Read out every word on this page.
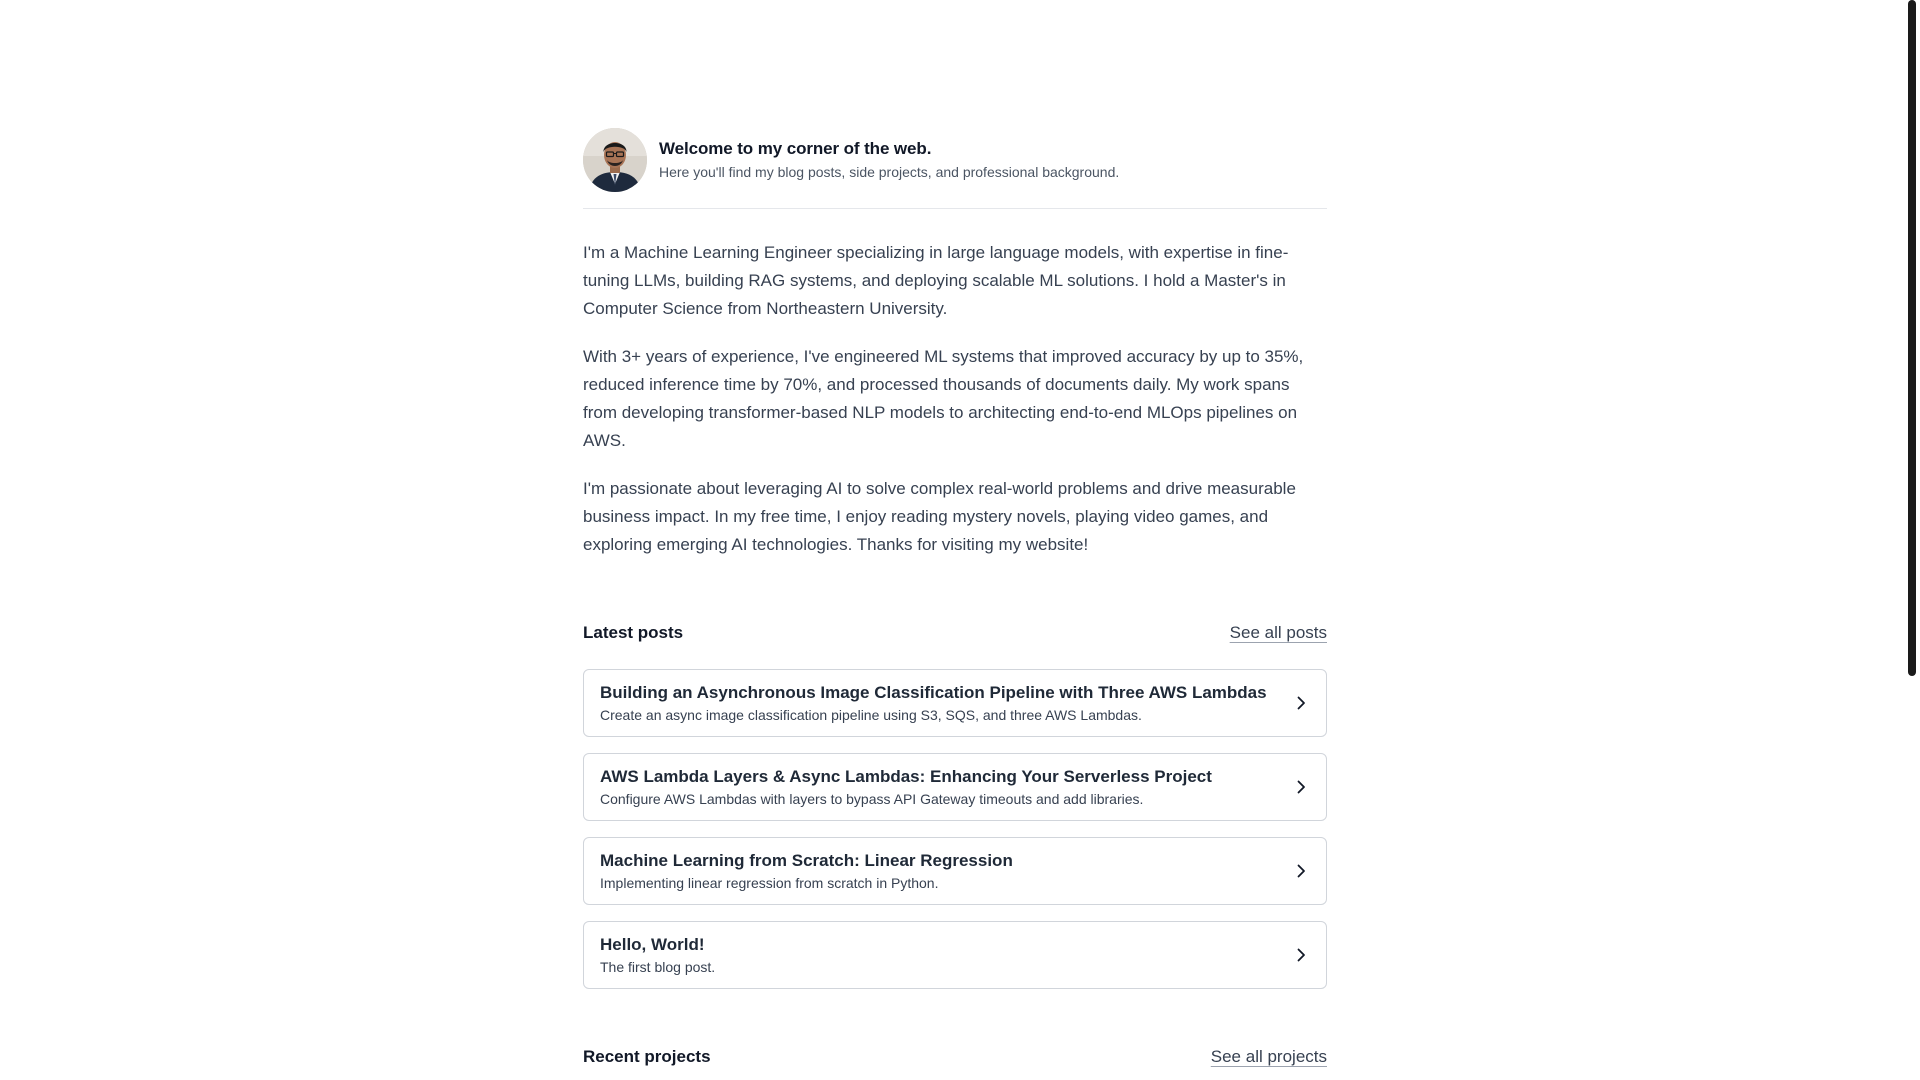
Welcome to my corner of the web.
Here you'll find my blog posts, side projects, and professional background.

I'm a Machine Learning Engineer specializing in large language models, with expertise in fine-tuning LLMs, building RAG systems, and deploying scalable ML solutions. I hold a Master's in Computer Science from Northeastern University.

With 3+ years of experience, I've engineered ML systems that improved accuracy by up to 35%, reduced inference time by 70%, and processed thousands of documents daily. My work spans from developing transformer-based NLP models to architecting end-to-end MLOps pipelines on AWS.

I'm passionate about leveraging AI to solve complex real-world problems and drive measurable business impact. In my free time, I enjoy reading mystery novels, playing video games, and exploring emerging AI technologies. Thanks for visiting my website!

Latest posts	See all posts
Building an Asynchronous Image Classification Pipeline with Three AWS Lambdas
Create an async image classification pipeline using S3, SQS, and three AWS Lambdas.
AWS Lambda Layers & Async Lambdas: Enhancing Your Serverless Project
Configure AWS Lambdas with layers to bypass API Gateway timeouts and add libraries.
Machine Learning from Scratch: Linear Regression
Implementing linear regression from scratch in Python.
Hello, World!
The first blog post.
Recent projects	See all projects
